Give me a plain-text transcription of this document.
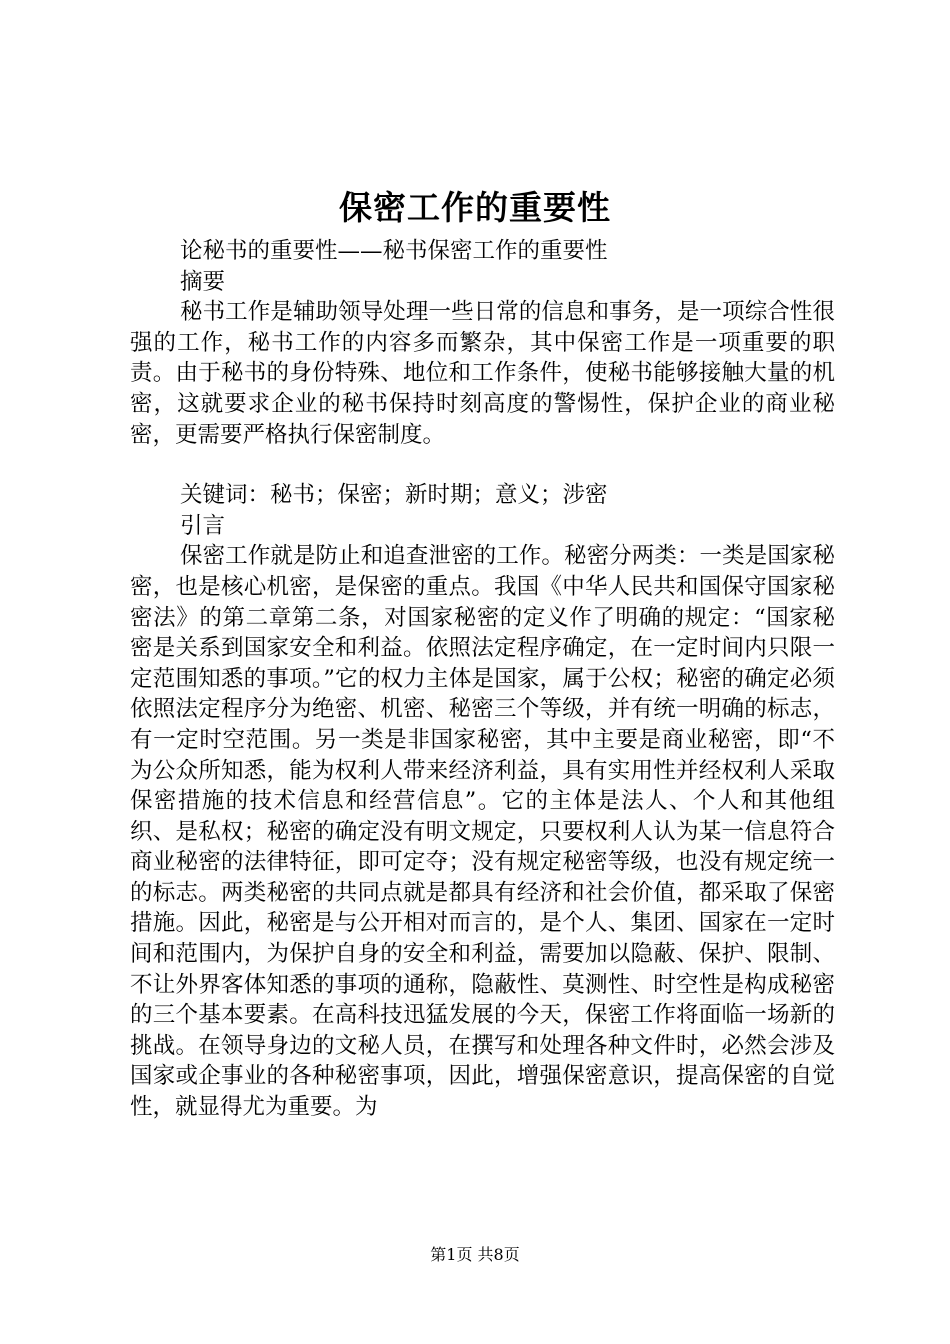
保密工作的重要性

论秘书的重要性——秘书保密工作的重要性

摘要

秘书工作是辅助领导处理一些日常的信息和事务，是一项综合性很强的工作，秘书工作的内容多而繁杂，其中保密工作是一项重要的职责。由于秘书的身份特殊、地位和工作条件，使秘书能够接触大量的机密，这就要求企业的秘书保持时刻高度的警惕性，保护企业的商业秘密，更需要严格执行保密制度。

关键词：秘书；保密；新时期；意义；涉密

引言

保密工作就是防止和追查泄密的工作。秘密分两类：一类是国家秘密，也是核心机密，是保密的重点。我国《中华人民共和国保守国家秘密法》的第二章第二条，对国家秘密的定义作了明确的规定：“国家秘密是关系到国家安全和利益。依照法定程序确定，在一定时间内只限一定范围知悉的事项。”它的权力主体是国家，属于公权；秘密的确定必须依照法定程序分为绝密、机密、秘密三个等级，并有统一明确的标志，有一定时空范围。另一类是非国家秘密，其中主要是商业秘密，即“不为公众所知悉，能为权利人带来经济利益，具有实用性并经权利人采取保密措施的技术信息和经营信息”。它的主体是法人、个人和其他组织、是私权；秘密的确定没有明文规定，只要权利人认为某一信息符合商业秘密的法律特征，即可定夺；没有规定秘密等级，也没有规定统一的标志。两类秘密的共同点就是都具有经济和社会价值，都采取了保密措施。因此，秘密是与公开相对而言的，是个人、集团、国家在一定时间和范围内，为保护自身的安全和利益，需要加以隐蔽、保护、限制、不让外界客体知悉的事项的通称，隐蔽性、莫测性、时空性是构成秘密的三个基本要素。在高科技迅猛发展的今天，保密工作将面临一场新的挑战。在领导身边的文秘人员，在撰写和处理各种文件时，必然会涉及国家或企事业的各种秘密事项，因此，增强保密意识，提高保密的自觉性，就显得尤为重要。为

第1页 共8页
